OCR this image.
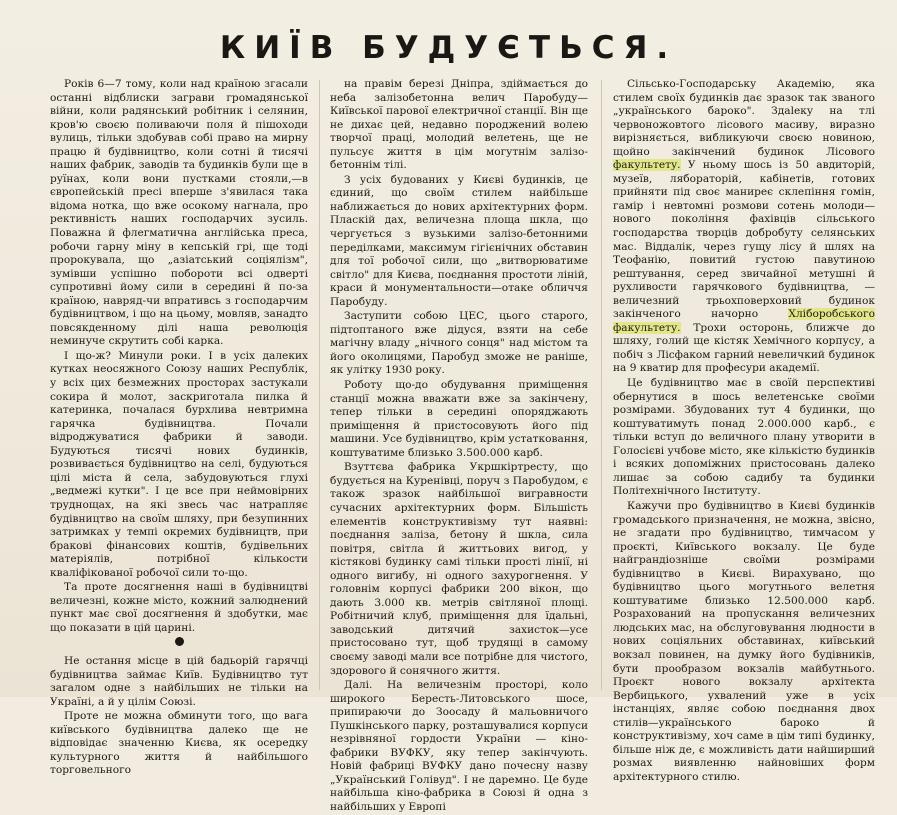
КИЇВ БУДУЄТЬСЯ.

Років 6—7 тому, коли над країною згасали останні відблиски заграви громадянської війни, коли радянський робітник і селянин, кров'ю своєю поливаючи поля й пішоходи вулиць, тільки здобував собі право на мирну працю й будівництво, коли сотні й тисячі наших фабрик, заводів та будинків були ще в руїнах, коли вони пустками стояли,—в європейській пресі вперше з'явилася така відома нотка, що вже осокому нагнала, про рективність наших господарчих зусиль. Поважна й флегматична англійська преса, робочи гарну міну в кепській грі, ще тоді пророкувала, що „азіатський соціялізм", зумівши успішно побороти всі одверті супротивні йому сили в середині й по-за країною, навряд-чи впративсь з господарчим будівництвом, і що на цьому, мовляв, занадто повсякденному ділі наша революція неминуче скрутить собі карка.

І що-ж? Минули роки. І в усіх далеких кутках неосяжного Союзу наших Республік, у всіх цих безмежних просторах застукали сокира й молот, заскриготала пилка й катеринка, почалася бурхлива невтримна гарячка будівництва. Почали відроджуватися фабрики й заводи. Будуються тисячі нових будинків, розвивається будівництво на селі, будуються цілі міста й села, забудовуються глухі „ведмежі кутки". І це все при неймовірних труднощах, на які звесь час натрапляє будівництво на своїм шляху, при безупинних затримках у темпі окремих будівництв, при бракові фінансових коштів, будівельних матеріялів, потрібної кількости кваліфікованої робочої сили то-що.

Та проте досягнення наші в будівництві величезні, кожне місто, кожний залюднений пункт має свої досягнення й здобутки, має що показати в цій царині.

Не остання місце в цій бадьорій гарячці будівництва займає Київ. Будівництво тут загалом одне з найбільших не тільки на Україні, а й у цілім Союзі.

Проте не можна обминути того, що вага київського будівництва далеко ще не відповідає значенню Києва, як осередку культурного життя й найбільшого торговельного

на правім березі Дніпра, здіймається до неба залізобетонна велич Паробуду—Київської парової електричної станції. Він ще не дихає цей, недавно породжений волею творчої праці, молодий велетень, ще не пульсує життя в цім могутнім залізо-бетоннім тілі.

З усіх будованих у Києві будинків, це єдиний, що своїм стилем найбільше наближається до нових архітектурних форм. Пласкій дах, величезна площа шкла, що чергується з вузькими залізо-бетонними переділками, максимум гігієнічних обставин для тої робочої сили, що „витворюватиме світло" для Києва, поєднання простоти ліній, краси й монументальности—отаке обличчя Паробуду.

Заступити собою ЦЕС, цього старого, підтоптаного вже дідуся, взяти на себе магічну владу „нічного сонця" над містом та його околицями, Паробуд зможе не раніше, як улітку 1930 року.

Роботу що-до обудування приміщення станції можна вважати вже за закінчену, тепер тільки в середині опоряджають приміщення й пристосовують його під машини. Усе будівництво, крім устатковання, коштуватиме близько 3.500.000 карб.

Взуттєва фабрика Укршкіртресту, що будується на Куренівці, поруч з Паробудом, є також зразок найбільшої вигравности сучасних архітектурних форм. Більшість елементів конструктивізму тут наявні: поєднання заліза, бетону й шкла, сила повітря, світла й життьових вигод, у кістякові будинку самі тільки прості лінії, ні одного вигибу, ні одного захурогнення. У головнім корпусі фабрики 200 вікон, що дають 3.000 кв. метрів світляної площі. Робітничий клуб, приміщення для їдальні, заводський дитячий захисток—усе пристосовано тут, щоб трудящі в самому своєму заводі мали все потрібне для чистого, здорового й сонячного життя.

Далі. На величезнім просторі, коло широкого Бересть-Литовського шосе, припираючи до Зоосаду й мальовничого Пушкінського парку, розташувалися корпуси незрівняної гордости України — кіно-фабрики ВУФКУ, яку тепер закінчують. Новій фабриці ВУФКУ дано почесну назву „Український Голівуд". І не даремно. Це буде найбільша кіно-фабрика в Союзі й одна з найбільших у Европі

Сільсько-Господарську Академію, яка стилем своїх будинків дає зразок так званого „українського бароко". Здаleку на тлі червоножовтого лісового масиву, виразно вирізняється, вибликуючи своєю новиною, щойно закінчений будинок Лісового факультету. У ньому шось із 50 авдиторій, музеїв, лябораторій, кабінетів, готових прийняти під своє маниреє склепіння гомін, гамір і невтомні розмови сотень молоди—нового покоління фахівців сільського господарства творців добробуту селянських мас. Віддалік, через гущу лісу й шлях на Теофанію, повитий густою павутиною рештування, серед звичайної метушні й рухливости гарячкового будівництва, — величезний трьохповерховий будинок закінченого начорно Хліборобського факультету. Трохи осторонь, ближче до шляху, голий ще кістяк Хемічного корпусу, а побіч з Лісфаком гарний невеличкий будинок на 9 кватир для професури академії.

Це будівництво має в своїй перспективі обернутися в шось велетенське своїми розмірами. Збудованих тут 4 будинки, що коштуватимуть понад 2.000.000 карб., є тільки вступ до величного плану утворити в Голосієві учбове місто, яке кількістю будинків і всяких допоміжних пристосовань далеко лишає за собою садибу та будинки Політехнічного Інституту.

Кажучи про будівництво в Києві будинків громадського призначення, не можна, звісно, не згадати про будівництво, тимчасом у проєкті, Київського вокзалу. Це буде найграндіозніше своїми розмірами будівництво в Києві. Вирахувано, що будівництво цього могутнього велетня коштуватиме близько 12.500.000 карб. Розрахований на пропускання величезних людських мас, на обслуговування людности в нових соціяльних обставинах, київський вокзал повинен, на думку його будівників, бути прообразом вокзалів майбутнього. Проєкт нового вокзалу архітекта Вербицького, ухвалений уже в усіх інстанціях, являє собою поєднання двох стилів—українського бароко й конструктивізму, хоч саме в цім типі будинку, більше ніж де, є можливість дати найширший розмах виявленню найновіших форм архітектурного стилю.
